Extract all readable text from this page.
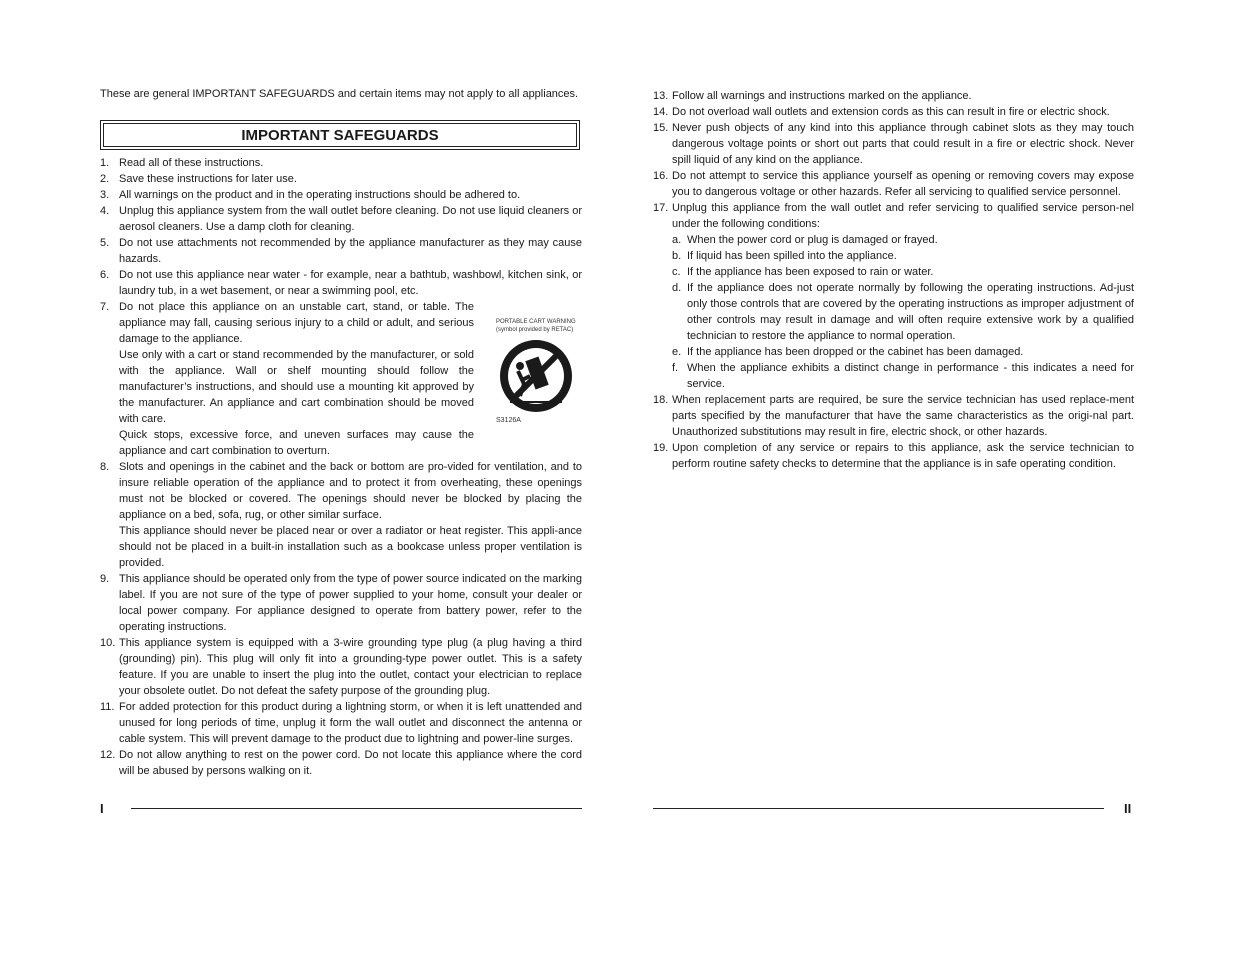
These are general IMPORTANT SAFEGUARDS and certain items may not apply to all appliances.

IMPORTANT SAFEGUARDS
1. Read all of these instructions.

2. Save these instructions for later use.

3. All warnings on the product and in the operating instructions should be adhered to.

4. Unplug this appliance system from the wall outlet before cleaning. Do not use liquid cleaners or aerosol cleaners. Use a damp cloth for cleaning.

5. Do not use attachments not recommended by the appliance manufacturer as they may cause hazards.

6. Do not use this appliance near water - for example, near a bathtub, washbowl, kitchen sink, or laundry tub, in a wet basement, or near a swimming pool, etc.

7. Do not place this appliance on an unstable cart, stand, or table. The appliance may fall, causing serious injury to a child or adult, and serious damage to the appliance.

Use only with a cart or stand recommended by the manufacturer, or sold with the appliance. Wall or shelf mounting should follow the manufacturer’s instructions, and should use a mounting kit approved by the manufacturer. An appliance and cart combination should be moved with care.

Quick stops, excessive force, and uneven surfaces may cause the appliance and cart combination to overturn.

8. Slots and openings in the cabinet and the back or bottom are pro-vided for ventilation, and to insure reliable operation of the appliance and to protect it from overheating, these openings must not be blocked or covered. The openings should never be blocked by placing the appliance on a bed, sofa, rug, or other similar surface.

This appliance should never be placed near or over a radiator or heat register. This appli-ance should not be placed in a built-in installation such as a bookcase unless proper ventilation is provided.

9. This appliance should be operated only from the type of power source indicated on the marking label. If you are not sure of the type of power supplied to your home, consult your dealer or local power company. For appliance designed to operate from battery power, refer to the operating instructions.

10. This appliance system is equipped with a 3-wire grounding type plug (a plug having a third (grounding) pin). This plug will only fit into a grounding-type power outlet. This is a safety feature. If you are unable to insert the plug into the outlet, contact your electrician to replace your obsolete outlet. Do not defeat the safety purpose of the grounding plug.

11. For added protection for this product during a lightning storm, or when it is left unattended and unused for long periods of time, unplug it form the wall outlet and disconnect the antenna or cable system. This will prevent damage to the product due to lightning and power-line surges.

12. Do not allow anything to rest on the power cord. Do not locate this appliance where the cord will be abused by persons walking on it.

PORTABLE CART WARNING
(symbol provided by RETAC)
S3126A
I
13. Follow all warnings and instructions marked on the appliance.

14. Do not overload wall outlets and extension cords as this can result in fire or electric shock.

15. Never push objects of any kind into this appliance through cabinet slots as they may touch dangerous voltage points or short out parts that could result in a fire or electric shock. Never spill liquid of any kind on the appliance.

16. Do not attempt to service this appliance yourself as opening or removing covers may expose you to dangerous voltage or other hazards. Refer all servicing to qualified service personnel.

17. Unplug this appliance from the wall outlet and refer servicing to qualified service person-nel under the following conditions:

a. When the power cord or plug is damaged or frayed.
b. If liquid has been spilled into the appliance.
c. If the appliance has been exposed to rain or water.
d. If the appliance does not operate normally by following the operating instructions. Ad-just only those controls that are covered by the operating instructions as improper adjustment of other controls may result in damage and will often require extensive work by a qualified technician to restore the appliance to normal operation.
e. If the appliance has been dropped or the cabinet has been damaged.
f. When the appliance exhibits a distinct change in performance - this indicates a need for service.
18. When replacement parts are required, be sure the service technician has used replace-ment parts specified by the manufacturer that have the same characteristics as the origi-nal part. Unauthorized substitutions may result in fire, electric shock, or other hazards.

19. Upon completion of any service or repairs to this appliance, ask the service technician to perform routine safety checks to determine that the appliance is in safe operating condition.

II
